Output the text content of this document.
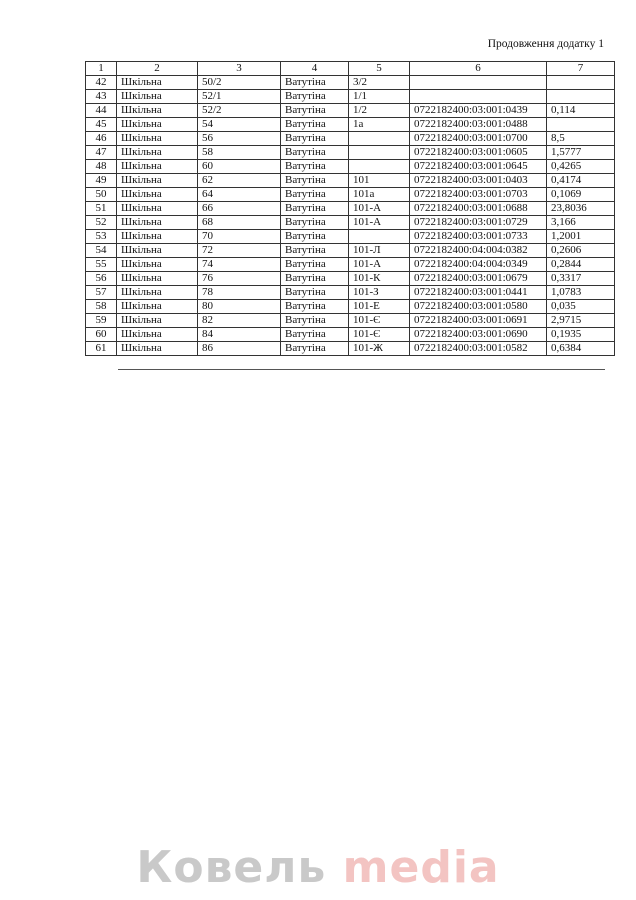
Продовження додатку 1
1	2	3	4	5	6	7
42	Шкільна	50/2	Ватутіна	3/2		
43	Шкільна	52/1	Ватутіна	1/1		
44	Шкільна	52/2	Ватутіна	1/2	0722182400:03:001:0439	0,114
45	Шкільна	54	Ватутіна	1а	0722182400:03:001:0488	
46	Шкільна	56	Ватутіна		0722182400:03:001:0700	8,5
47	Шкільна	58	Ватутіна		0722182400:03:001:0605	1,5777
48	Шкільна	60	Ватутіна		0722182400:03:001:0645	0,4265
49	Шкільна	62	Ватутіна	101	0722182400:03:001:0403	0,4174
50	Шкільна	64	Ватутіна	101а	0722182400:03:001:0703	0,1069
51	Шкільна	66	Ватутіна	101-А	0722182400:03:001:0688	23,8036
52	Шкільна	68	Ватутіна	101-А	0722182400:03:001:0729	3,166
53	Шкільна	70	Ватутіна		0722182400:03:001:0733	1,2001
54	Шкільна	72	Ватутіна	101-Л	0722182400:04:004:0382	0,2606
55	Шкільна	74	Ватутіна	101-А	0722182400:04:004:0349	0,2844
56	Шкільна	76	Ватутіна	101-К	0722182400:03:001:0679	0,3317
57	Шкільна	78	Ватутіна	101-З	0722182400:03:001:0441	1,0783
58	Шкільна	80	Ватутіна	101-Е	0722182400:03:001:0580	0,035
59	Шкільна	82	Ватутіна	101-Є	0722182400:03:001:0691	2,9715
60	Шкільна	84	Ватутіна	101-Є	0722182400:03:001:0690	0,1935
61	Шкільна	86	Ватутіна	101-Ж	0722182400:03:001:0582	0,6384
Ковель media
